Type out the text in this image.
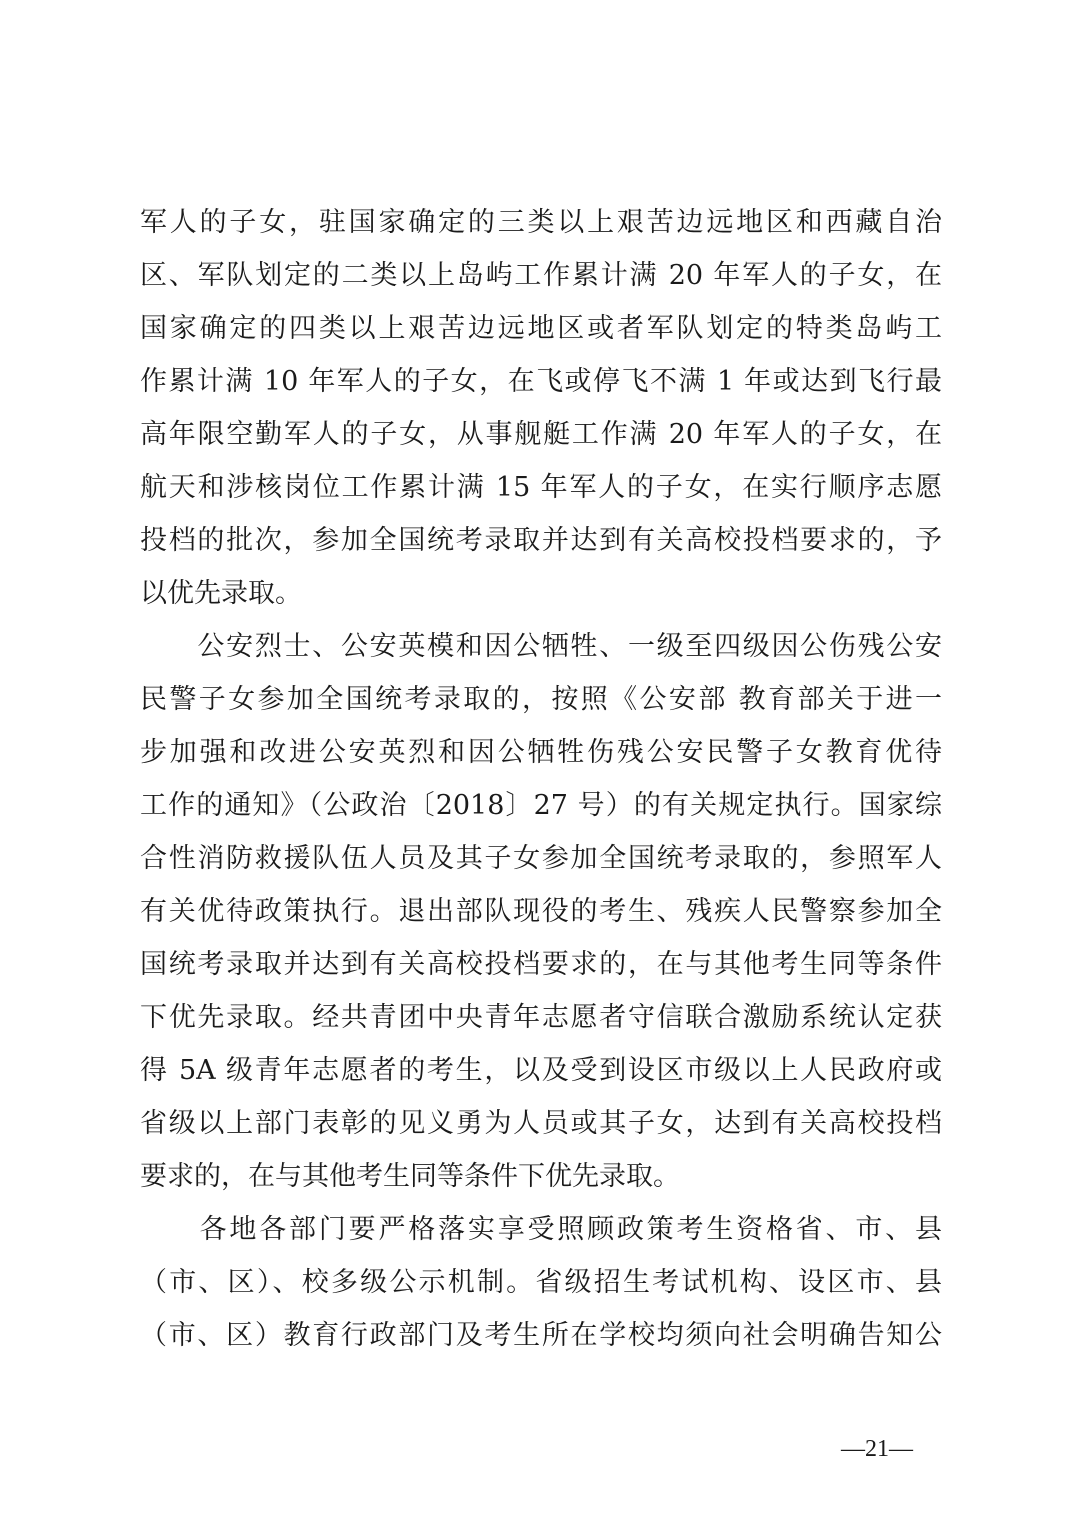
军人的子女，驻国家确定的三类以上艰苦边远地区和西藏自治
区、军队划定的二类以上岛屿工作累计满 20 年军人的子女，在
国家确定的四类以上艰苦边远地区或者军队划定的特类岛屿工
作累计满 10 年军人的子女，在飞或停飞不满 1 年或达到飞行最
高年限空勤军人的子女，从事舰艇工作满 20 年军人的子女，在
航天和涉核岗位工作累计满 15 年军人的子女，在实行顺序志愿
投档的批次，参加全国统考录取并达到有关高校投档要求的，予
以优先录取。
　　公安烈士、公安英模和因公牺牲、一级至四级因公伤残公安
民警子女参加全国统考录取的，按照《公安部 教育部关于进一
步加强和改进公安英烈和因公牺牲伤残公安民警子女教育优待
工作的通知》（公政治〔2018〕27 号）的有关规定执行。国家综
合性消防救援队伍人员及其子女参加全国统考录取的，参照军人
有关优待政策执行。退出部队现役的考生、残疾人民警察参加全
国统考录取并达到有关高校投档要求的，在与其他考生同等条件
下优先录取。经共青团中央青年志愿者守信联合激励系统认定获
得 5A 级青年志愿者的考生，以及受到设区市级以上人民政府或
省级以上部门表彰的见义勇为人员或其子女，达到有关高校投档
要求的，在与其他考生同等条件下优先录取。
　　各地各部门要严格落实享受照顾政策考生资格省、市、县
（市、区）、校多级公示机制。省级招生考试机构、设区市、县
（市、区）教育行政部门及考生所在学校均须向社会明确告知公
—21—
